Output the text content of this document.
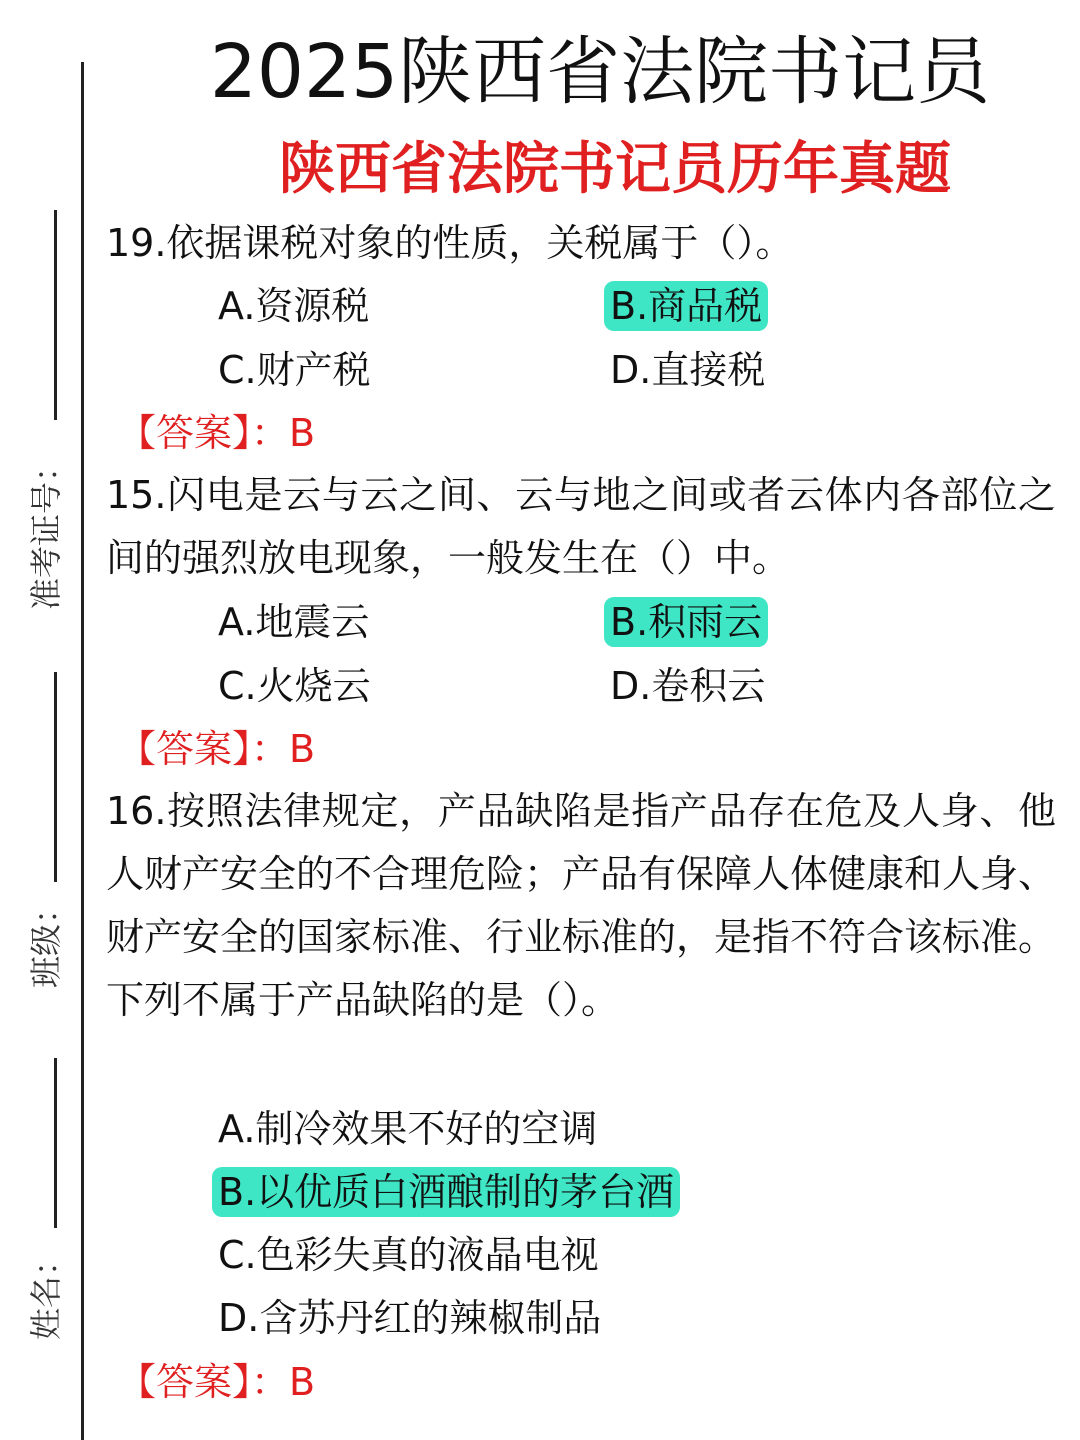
准考证号：
班级：
姓名：
2025陕西省法院书记员
陕西省法院书记员历年真题

19.依据课税对象的性质，关税属于（）。

A.资源税	B.商品税
C.财产税	D.直接税
【答案】：B

15.闪电是云与云之间、云与地之间或者云体内各部位之间的强烈放电现象，一般发生在（）中。

A.地震云	B.积雨云
C.火烧云	D.卷积云
【答案】：B

16.按照法律规定，产品缺陷是指产品存在危及人身、他人财产安全的不合理危险；产品有保障人体健康和人身、财产安全的国家标准、行业标准的，是指不符合该标准。下列不属于产品缺陷的是（）。

A.制冷效果不好的空调
B.以优质白酒酿制的茅台酒
C.色彩失真的液晶电视
D.含苏丹红的辣椒制品
【答案】：B
